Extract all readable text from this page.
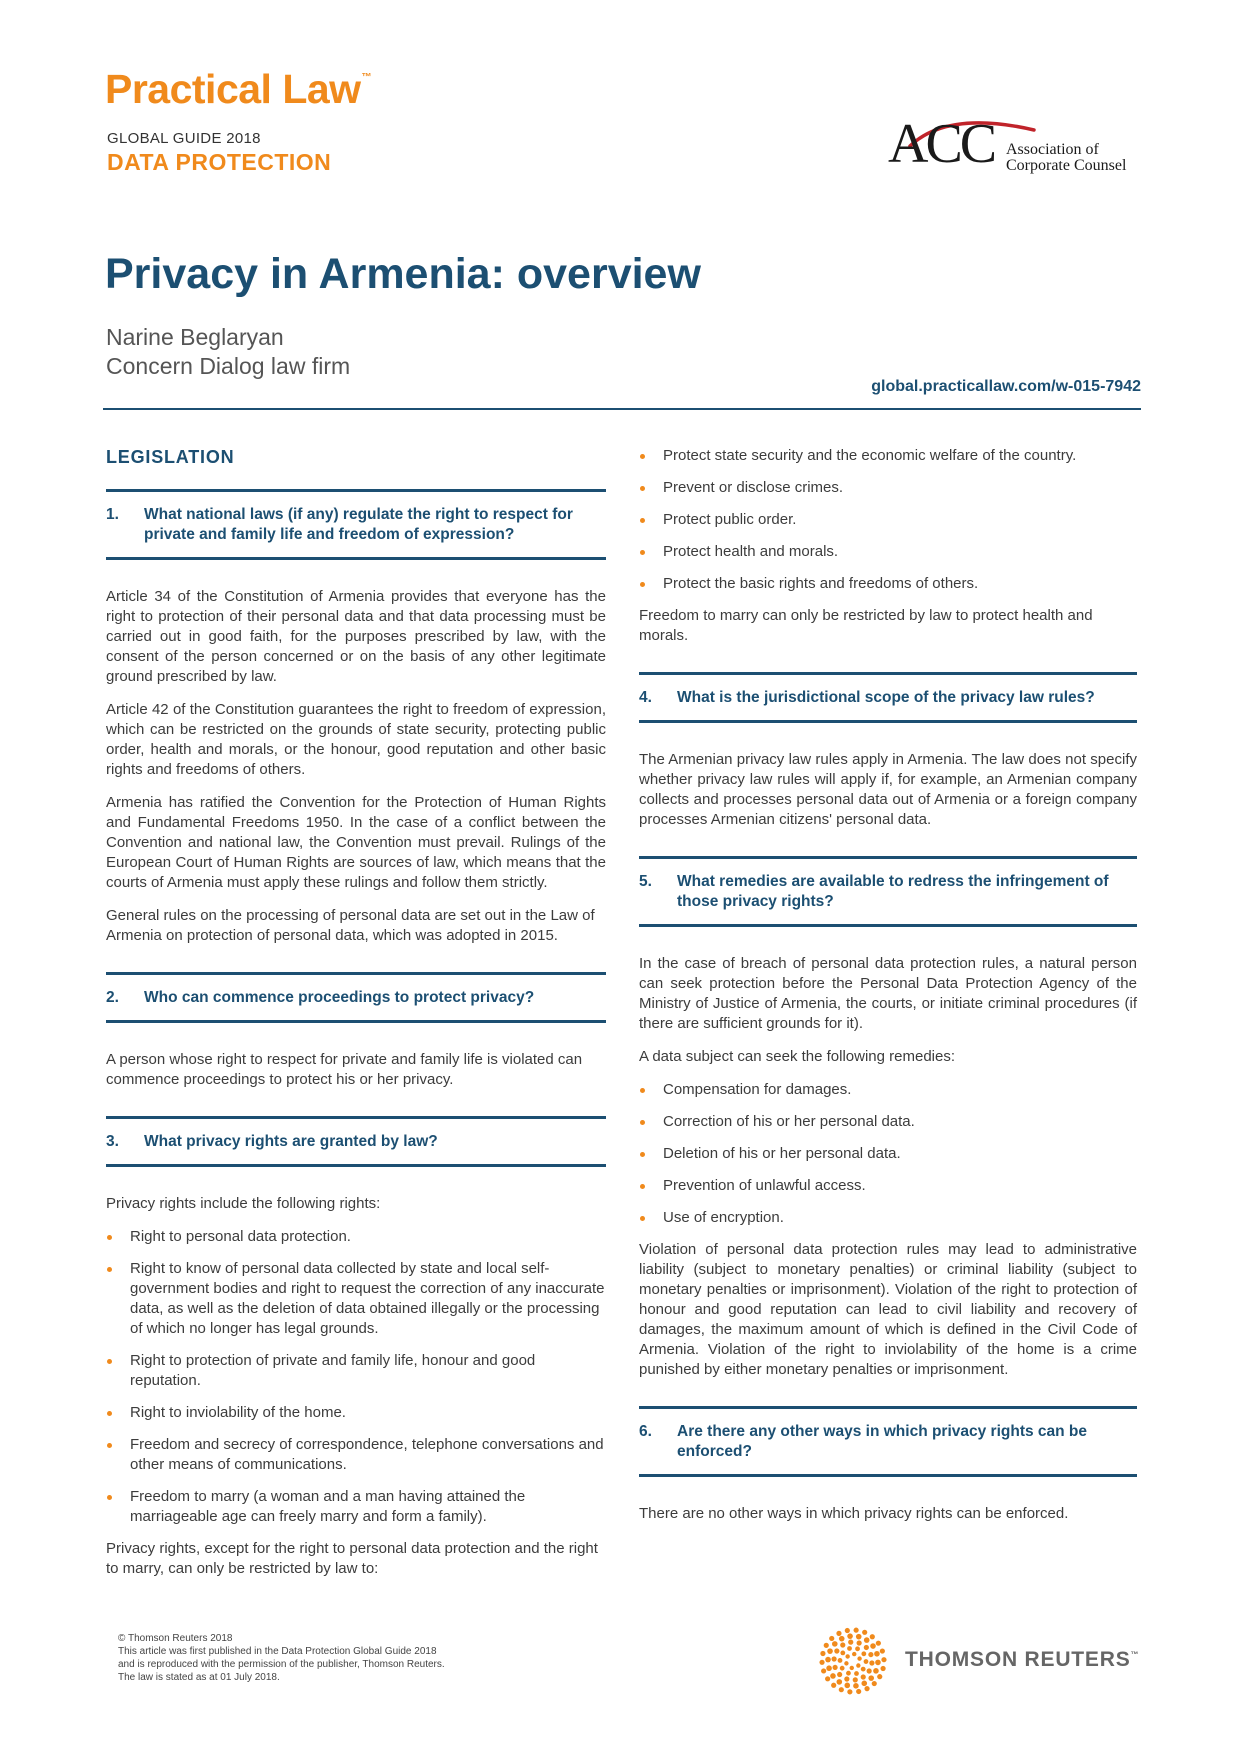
Practical Law™
GLOBAL GUIDE 2018
DATA PROTECTION	ACC Association of
Corporate Counsel
Privacy in Armenia: overview
Narine Beglaryan
Concern Dialog law firm
global.practicallaw.com/w-015-7942
LEGISLATION
1.	What national laws (if any) regulate the right to respect for private and family life and freedom of expression?

Article 34 of the Constitution of Armenia provides that everyone has the right to protection of their personal data and that data processing must be carried out in good faith, for the purposes prescribed by law, with the consent of the person concerned or on the basis of any other legitimate ground prescribed by law.

Article 42 of the Constitution guarantees the right to freedom of expression, which can be restricted on the grounds of state security, protecting public order, health and morals, or the honour, good reputation and other basic rights and freedoms of others.

Armenia has ratified the Convention for the Protection of Human Rights and Fundamental Freedoms 1950. In the case of a conflict between the Convention and national law, the Convention must prevail. Rulings of the European Court of Human Rights are sources of law, which means that the courts of Armenia must apply these rulings and follow them strictly.

General rules on the processing of personal data are set out in the Law of Armenia on protection of personal data, which was adopted in 2015.

2.	Who can commence proceedings to protect privacy?

A person whose right to respect for private and family life is violated can commence proceedings to protect his or her privacy.

3.	What privacy rights are granted by law?

Privacy rights include the following rights:

Right to personal data protection.
Right to know of personal data collected by state and local self-government bodies and right to request the correction of any inaccurate data, as well as the deletion of data obtained illegally or the processing of which no longer has legal grounds.
Right to protection of private and family life, honour and good reputation.
Right to inviolability of the home.
Freedom and secrecy of correspondence, telephone conversations and other means of communications.
Freedom to marry (a woman and a man having attained the marriageable age can freely marry and form a family).

Privacy rights, except for the right to personal data protection and the right to marry, can only be restricted by law to:

Protect state security and the economic welfare of the country.
Prevent or disclose crimes.
Protect public order.
Protect health and morals.
Protect the basic rights and freedoms of others.

Freedom to marry can only be restricted by law to protect health and morals.

4.	What is the jurisdictional scope of the privacy law rules?

The Armenian privacy law rules apply in Armenia. The law does not specify whether privacy law rules will apply if, for example, an Armenian company collects and processes personal data out of Armenia or a foreign company processes Armenian citizens' personal data.

5.	What remedies are available to redress the infringement of those privacy rights?

In the case of breach of personal data protection rules, a natural person can seek protection before the Personal Data Protection Agency of the Ministry of Justice of Armenia, the courts, or initiate criminal procedures (if there are sufficient grounds for it).

A data subject can seek the following remedies:

Compensation for damages.
Correction of his or her personal data.
Deletion of his or her personal data.
Prevention of unlawful access.
Use of encryption.

Violation of personal data protection rules may lead to administrative liability (subject to monetary penalties) or criminal liability (subject to monetary penalties or imprisonment). Violation of the right to protection of honour and good reputation can lead to civil liability and recovery of damages, the maximum amount of which is defined in the Civil Code of Armenia. Violation of the right to inviolability of the home is a crime punished by either monetary penalties or imprisonment.

6.	Are there any other ways in which privacy rights can be enforced?

There are no other ways in which privacy rights can be enforced.

© Thomson Reuters 2018
This article was first published in the Data Protection Global Guide 2018
and is reproduced with the permission of the publisher, Thomson Reuters.
The law is stated as at 01 July 2018.
THOMSON REUTERS™
